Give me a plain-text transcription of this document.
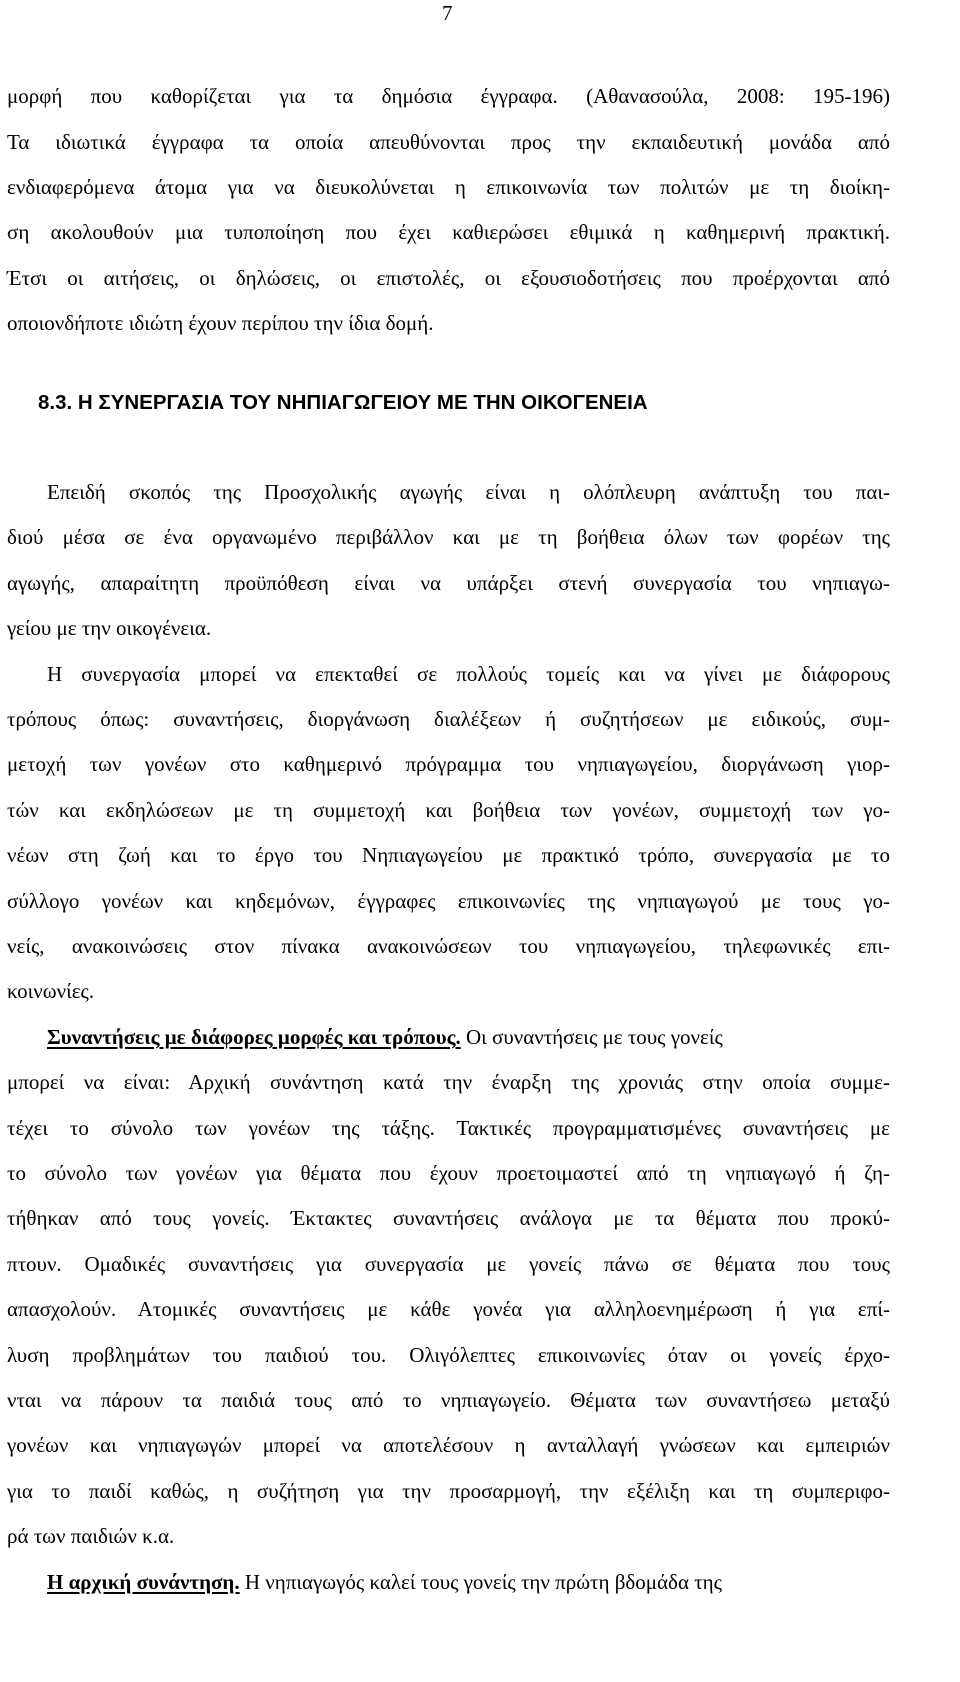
7

μορφή που καθορίζεται για τα δημόσια έγγραφα. (Αθανασούλα, 2008: 195-196)

Τα ιδιωτικά έγγραφα τα οποία απευθύνονται προς την εκπαιδευτική μονάδα από

ενδιαφερόμενα άτομα για να διευκολύνεται η επικοινωνία των πολιτών με τη διοίκη-

ση ακολουθούν μια τυποποίηση που έχει καθιερώσει εθιμικά η καθημερινή πρακτική.

Έτσι οι αιτήσεις, οι δηλώσεις, οι επιστολές, οι εξουσιοδοτήσεις που προέρχονται από

οποιονδήποτε ιδιώτη έχουν περίπου την ίδια δομή.

8.3. Η ΣΥΝΕΡΓΑΣΙΑ ΤΟΥ ΝΗΠΙΑΓΩΓΕΙΟΥ ΜΕ ΤΗΝ ΟΙΚΟΓΕΝΕΙΑ

Επειδή σκοπός της Προσχολικής αγωγής είναι η ολόπλευρη ανάπτυξη του παι-

διού μέσα σε ένα οργανωμένο περιβάλλον και με τη βοήθεια όλων των φορέων της

αγωγής, απαραίτητη προϋπόθεση είναι να υπάρξει στενή συνεργασία του νηπιαγω-

γείου με την οικογένεια.

Η συνεργασία μπορεί να επεκταθεί σε πολλούς τομείς και να γίνει με διάφορους

τρόπους όπως: συναντήσεις, διοργάνωση διαλέξεων ή συζητήσεων με ειδικούς, συμ-

μετοχή των γονέων στο καθημερινό πρόγραμμα του νηπιαγωγείου, διοργάνωση γιορ-

τών και εκδηλώσεων με τη συμμετοχή και βοήθεια των γονέων, συμμετοχή των γο-

νέων στη ζωή και το έργο του Νηπιαγωγείου με πρακτικό τρόπο, συνεργασία με το

σύλλογο γονέων και κηδεμόνων, έγγραφες επικοινωνίες της νηπιαγωγού με τους γο-

νείς, ανακοινώσεις στον πίνακα ανακοινώσεων του νηπιαγωγείου, τηλεφωνικές επι-

κοινωνίες.

Συναντήσεις με διάφορες μορφές και τρόπους. Οι συναντήσεις με τους γονείς

μπορεί να είναι: Αρχική συνάντηση κατά την έναρξη της χρονιάς στην οποία συμμε-

τέχει το σύνολο των γονέων της τάξης. Τακτικές προγραμματισμένες συναντήσεις με

το σύνολο των γονέων για θέματα που έχουν προετοιμαστεί από τη νηπιαγωγό ή ζη-

τήθηκαν από τους γονείς. Έκτακτες συναντήσεις ανάλογα με τα θέματα που προκύ-

πτουν. Ομαδικές συναντήσεις για συνεργασία με γονείς πάνω σε θέματα που τους

απασχολούν. Ατομικές συναντήσεις με κάθε γονέα για αλληλοενημέρωση ή για επί-

λυση προβλημάτων του παιδιού του. Ολιγόλεπτες επικοινωνίες όταν οι γονείς έρχο-

νται να πάρουν τα παιδιά τους από το νηπιαγωγείο. Θέματα των συναντήσεω μεταξύ

γονέων και νηπιαγωγών μπορεί να αποτελέσουν η ανταλλαγή γνώσεων και εμπειριών

για το παιδί καθώς, η συζήτηση για την προσαρμογή, την εξέλιξη και τη συμπεριφο-

ρά των παιδιών κ.α.

Η αρχική συνάντηση. Η νηπιαγωγός καλεί τους γονείς την πρώτη βδομάδα της
